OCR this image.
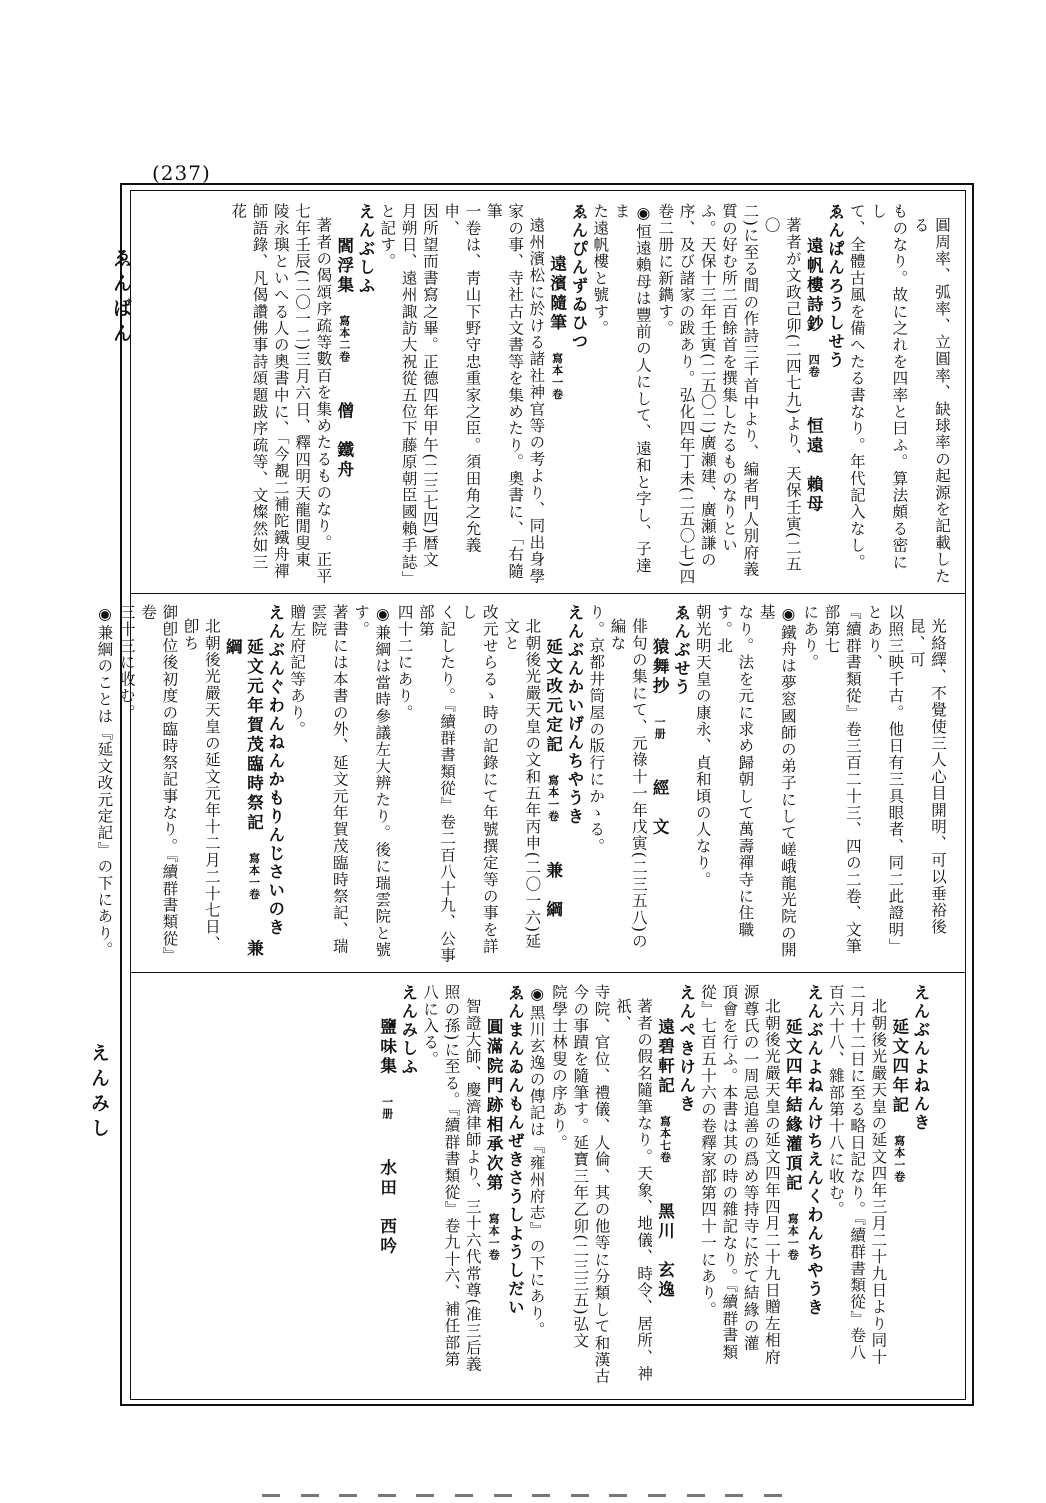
(237)
ゑんばん
えんみし
圓周率、弧率、立圓率、缺球率の起源を記載したる
ものなり。故に之れを四率と曰ふ。算法頗る密にし
て、全體古風を備へたる書なり。年代記入なし。
ゑんぱんろうしせう
遠帆樓詩鈔　四卷　　恒遠　賴母
著者が文政己卯(二四七九)より、天保壬寅(二五〇
二)に至る間の作詩三千首中より、編者門人別府義
質の好む所二百餘首を撰集したるものなりとい
ふ。天保十三年壬寅(二五〇二)廣瀬建、廣瀬謙の
序、及び諸家の跋あり。弘化四年丁未(二五〇七)四
卷二册に新鐫す。
◉恒遠賴母は豐前の人にして、遠和と字し、子達ま
た遠帆樓と號す。
ゑんぴんずゐひつ
遠濱隨筆　寫本一卷
遠州濱松に於ける諸社神官等の考より、同出身學
家の事、寺社古文書等を集めたり。奧書に、「右隨筆
一卷は、靑山下野守忠重家之臣。須田角之允義申、
因所望而書寫之畢。正德四年甲午(二三七四)暦文
月朔日、遠州諏訪大祝從五位下藤原朝臣國賴手誌」
と記す。
えんぶしふ
閻浮集　寫本二卷　　僧　鐵舟
著者の偈頌序疏等數百を集めたるものなり。正平
七年壬辰(二〇一二)三月六日、釋四明天龍閒叟東
陵永璵といへる人の奧書中に、「今覩二補陀鐵舟禪
師語錄、凡偈讚佛事詩頌題跋序疏等、文燦然如三花
光絡繹、不覺使三人心目開明、可以垂裕後昆、可
以照三映千古。他日有三具眼者、同二此證明」とあり、
『續群書類從』卷三百二十三、四の二卷、文筆部第七
にあり。
◉鐵舟は夢窓國師の弟子にして嵯峨龍光院の開基
なり。法を元に求め歸朝して萬壽禪寺に住職す。北
朝光明天皇の康永、貞和頃の人なり。
ゑんぶせう
猿舞抄　一册　　經　文
俳句の集にて、元祿十一年戊寅(二三五八)の編な
り。京都井筒屋の版行にかゝる。
えんぶんかいげんちやうき
延文改元定記　寫本一卷　　兼　綱
北朝後光嚴天皇の文和五年丙申(二〇一六)延文と
改元せらるゝ時の記錄にて年號撰定等の事を詳し
く記したり。『續群書類從』卷二百八十九、公事部第
四十二にあり。
◉兼綱は當時參議左大辨たり。後に瑞雲院と號す。
著書には本書の外、延文元年賀茂臨時祭記、瑞雲院
贈左府記等あり。
えんぶんぐわんねんかもりんじさいのき
延文元年賀茂臨時祭記　寫本一卷　　兼　綱
北朝後光嚴天皇の延文元年十二月二十七日、卽ち
御卽位後初度の臨時祭記事なり。『續群書類從』卷
三十三に收む。
◉兼綱のことは『延文改元定記』の下にあり。
えんぶんよねんき
延文四年記　寫本一卷
北朝後光嚴天皇の延文四年三月二十九日より同十
二月十二日に至る略日記なり。『續群書類從』卷八
百六十八、雜部第十八に收む。
えんぶんよねんけちえんくわんちやうき
延文四年結緣灌頂記　寫本一卷
北朝後光嚴天皇の延文四年四月二十九日贈左相府
源尊氏の一周忌追善の爲め等持寺に於て結緣の灌
頂會を行ふ。本書は其の時の雜記なり。『續群書類
從』七百五十六の卷釋家部第四十一にあり。
えんぺきけんき
遠碧軒記　寫本七卷　　黑川　玄逸
著者の假名隨筆なり。天象、地儀、時令、居所、神祇、
寺院、官位、禮儀、人倫、其の他等に分類して和漢古
今の事蹟を隨筆す。延寶三年乙卯(二三三五)弘文
院學士林叟の序あり。
◉黑川玄逸の傳記は『雍州府志』の下にあり。
ゑんまんゐんもんぜきさうしようしだい
圓滿院門跡相承次第　寫本一卷
智證大師、慶濟律師より、三十六代常尊(准三后義
照の孫)に至る。『續群書類從』卷九十六、補任部第
八に入る。
えんみしふ
鹽味集　一册　　水田　西吟
